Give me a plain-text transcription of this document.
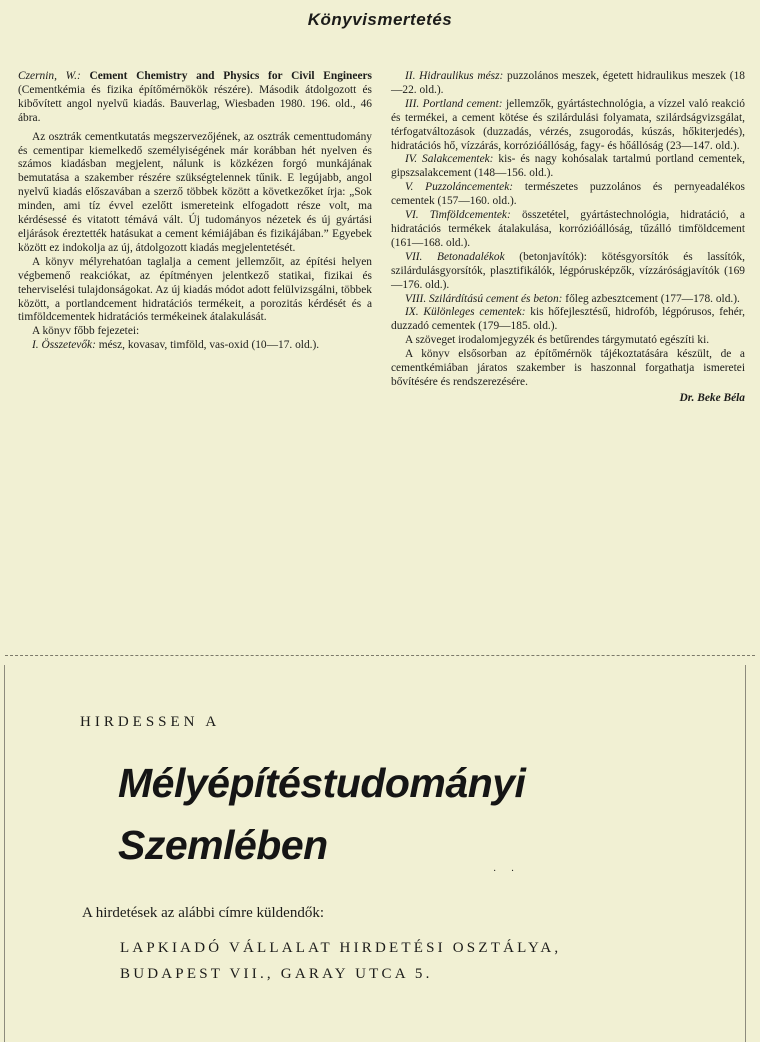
Könyvismertetés

Czernin, W.: Cement Chemistry and Physics for Civil Engineers (Cementkémia és fizika építőmérnökök részére). Második átdolgozott és kibővített angol nyelvű kiadás. Bauverlag, Wiesbaden 1980. 196. old., 46 ábra.

Az osztrák cementkutatás megszervezőjének, az osztrák cementtudomány és cementipar kiemelkedő személyiségének már korábban hét nyelven és számos kiadásban megjelent, nálunk is közkézen forgó munkájának bemutatása a szakember részére szükségtelennek tűnik. E legújabb, angol nyelvű kiadás előszavában a szerző többek között a következőket írja: „Sok minden, ami tíz évvel ezelőtt ismereteink elfogadott része volt, ma kérdésessé és vitatott témává vált. Új tudományos nézetek és új gyártási eljárások éreztették hatásukat a cement kémiájában és fizikájában.” Egyebek között ez indokolja az új, átdolgozott kiadás megjelentetését.

A könyv mélyrehatóan taglalja a cement jellemzőit, az építési helyen végbemenő reakciókat, az építményen jelentkező statikai, fizikai és teherviselési tulajdonságokat. Az új kiadás módot adott felülvizsgálni, többek között, a portlandcement hidratációs termékeit, a porozitás kérdését és a timföldcementek hidratációs termékeinek átalakulását.

A könyv főbb fejezetei:

I. Összetevők: mész, kovasav, timföld, vas-oxid (10—17. old.).

II. Hidraulikus mész: puzzolános meszek, égetett hidraulikus meszek (18—22. old.).

III. Portland cement: jellemzők, gyártástechnológia, a vízzel való reakció és termékei, a cement kötése és szilárdulási folyamata, szilárdságvizsgálat, térfogatváltozások (duzzadás, vérzés, zsugorodás, kúszás, hőkiterjedés), hidratációs hő, vízzárás, korrózióállóság, fagy- és hőállóság (23—147. old.).

IV. Salakcementek: kis- és nagy kohósalak tartalmú portland cementek, gipszsalakcement (148—156. old.).

V. Puzzoláncementek: természetes puzzolános és pernyeadalékos cementek (157—160. old.).

VI. Timföldcementek: összetétel, gyártástechnológia, hidratáció, a hidratációs termékek átalakulása, korrózióállóság, tűzálló timföldcement (161—168. old.).

VII. Betonadalékok (betonjavítók): kötésgyorsítók és lassítók, szilárdulásgyorsítók, plasztifikálók, légpórusképzők, vízzáróságjavítók (169—176. old.).

VIII. Szilárdítású cement és beton: főleg azbesztcement (177—178. old.).

IX. Különleges cementek: kis hőfejlesztésű, hidrofób, légpórusos, fehér, duzzadó cementek (179—185. old.).

A szöveget irodalomjegyzék és betűrendes tárgymutató egészíti ki.

A könyv elsősorban az építőmérnök tájékoztatására készült, de a cementkémiában járatos szakember is haszonnal forgathatja ismeretei bővítésére és rendszerezésére.

Dr. Beke Béla
HIRDESSEN A
Mélyépítéstudományi
Szemlében
· ·
A hirdetések az alábbi címre küldendők:
LAPKIADÓ VÁLLALAT HIRDETÉSI OSZTÁLYA,
BUDAPEST VII., GARAY UTCA 5.
